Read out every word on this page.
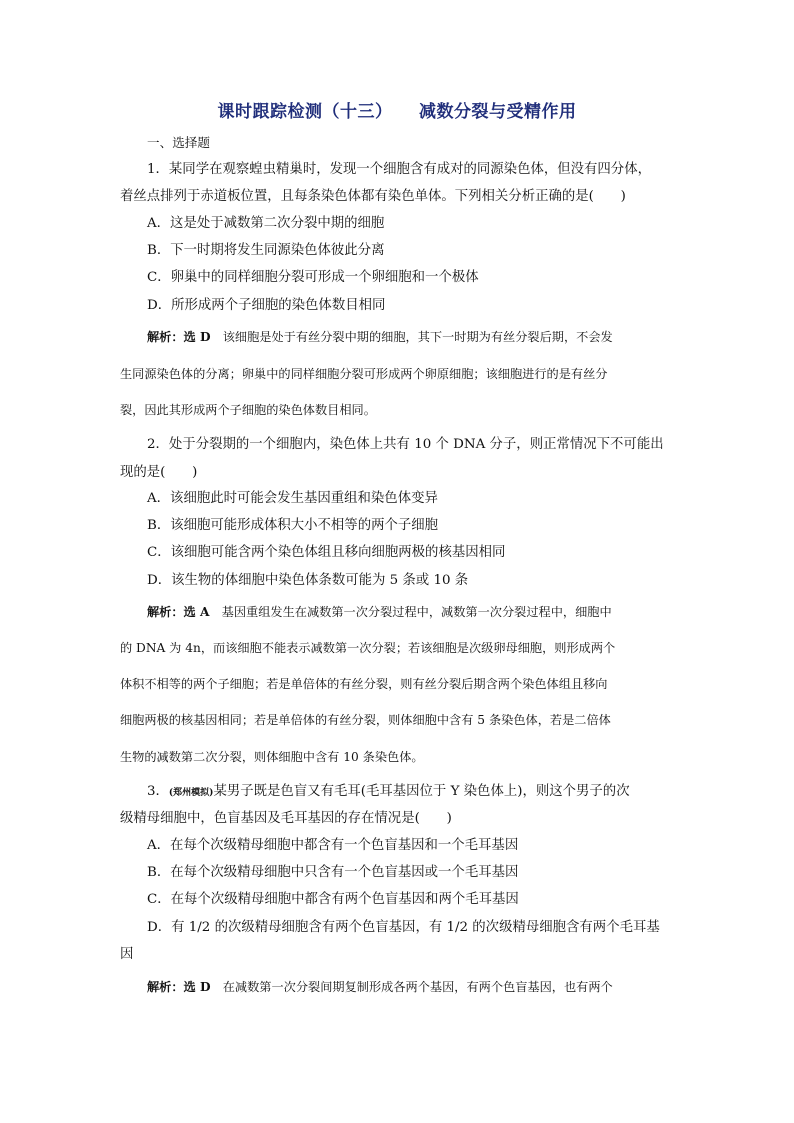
课时跟踪检测（十三）　　减数分裂与受精作用
一、选择题
1．某同学在观察蝗虫精巢时，发现一个细胞含有成对的同源染色体，但没有四分体，
着丝点排列于赤道板位置，且每条染色体都有染色单体。下列相关分析正确的是(　　)
A．这是处于减数第二次分裂中期的细胞
B．下一时期将发生同源染色体彼此分离
C．卵巢中的同样细胞分裂可形成一个卵细胞和一个极体
D．所形成两个子细胞的染色体数目相同
解析：选 D　该细胞是处于有丝分裂中期的细胞，其下一时期为有丝分裂后期，不会发
生同源染色体的分离；卵巢中的同样细胞分裂可形成两个卵原细胞；该细胞进行的是有丝分
裂，因此其形成两个子细胞的染色体数目相同。
2．处于分裂期的一个细胞内，染色体上共有 10 个 DNA 分子，则正常情况下不可能出
现的是(　　)
A．该细胞此时可能会发生基因重组和染色体变异
B．该细胞可能形成体积大小不相等的两个子细胞
C．该细胞可能含两个染色体组且移向细胞两极的核基因相同
D．该生物的体细胞中染色体条数可能为 5 条或 10 条
解析：选 A　基因重组发生在减数第一次分裂过程中，减数第一次分裂过程中，细胞中
的 DNA 为 4n，而该细胞不能表示减数第一次分裂；若该细胞是次级卵母细胞，则形成两个
体积不相等的两个子细胞；若是单倍体的有丝分裂，则有丝分裂后期含两个染色体组且移向
细胞两极的核基因相同；若是单倍体的有丝分裂，则体细胞中含有 5 条染色体，若是二倍体
生物的减数第二次分裂，则体细胞中含有 10 条染色体。
3．(郑州模拟)某男子既是色盲又有毛耳(毛耳基因位于 Y 染色体上)，则这个男子的次
级精母细胞中，色盲基因及毛耳基因的存在情况是(　　)
A．在每个次级精母细胞中都含有一个色盲基因和一个毛耳基因
B．在每个次级精母细胞中只含有一个色盲基因或一个毛耳基因
C．在每个次级精母细胞中都含有两个色盲基因和两个毛耳基因
D．有 1/2 的次级精母细胞含有两个色盲基因，有 1/2 的次级精母细胞含有两个毛耳基
因
解析：选 D　在减数第一次分裂间期复制形成各两个基因，有两个色盲基因，也有两个
